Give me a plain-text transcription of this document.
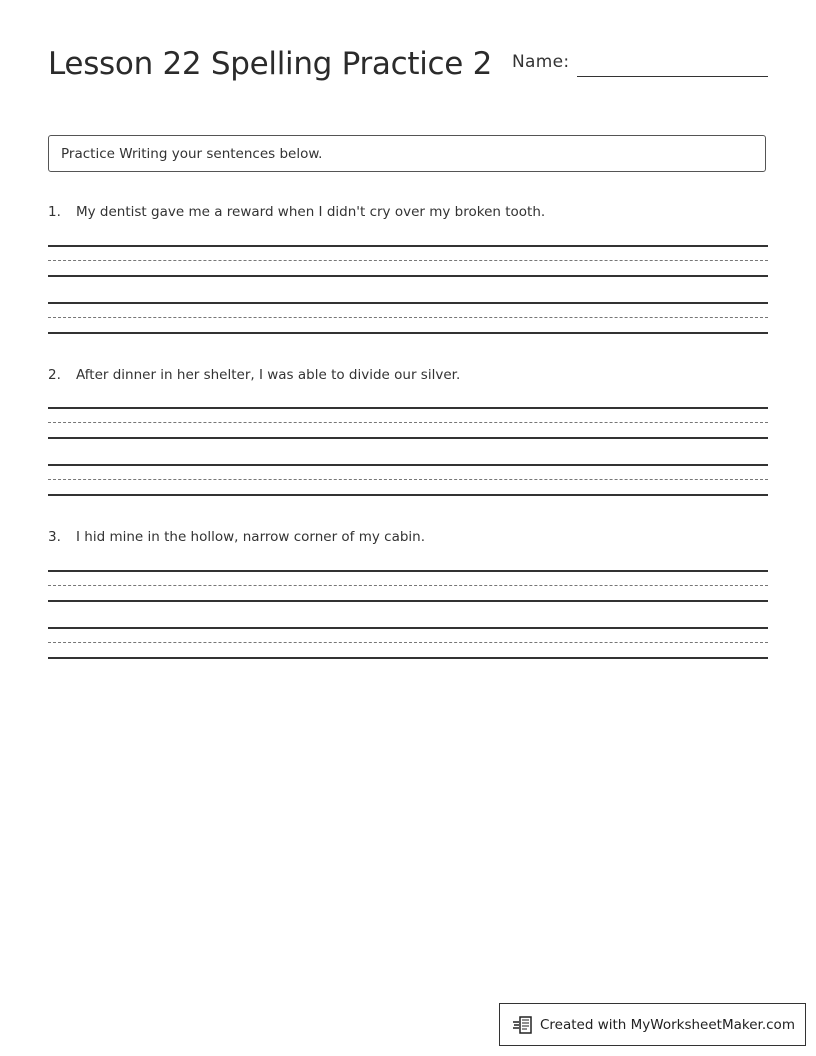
Lesson 22 Spelling Practice 2 Name:
Practice Writing your sentences below.
1. My dentist gave me a reward when I didn't cry over my broken tooth.
2. After dinner in her shelter, I was able to divide our silver.
3. I hid mine in the hollow, narrow corner of my cabin.
Created with MyWorksheetMaker.com
